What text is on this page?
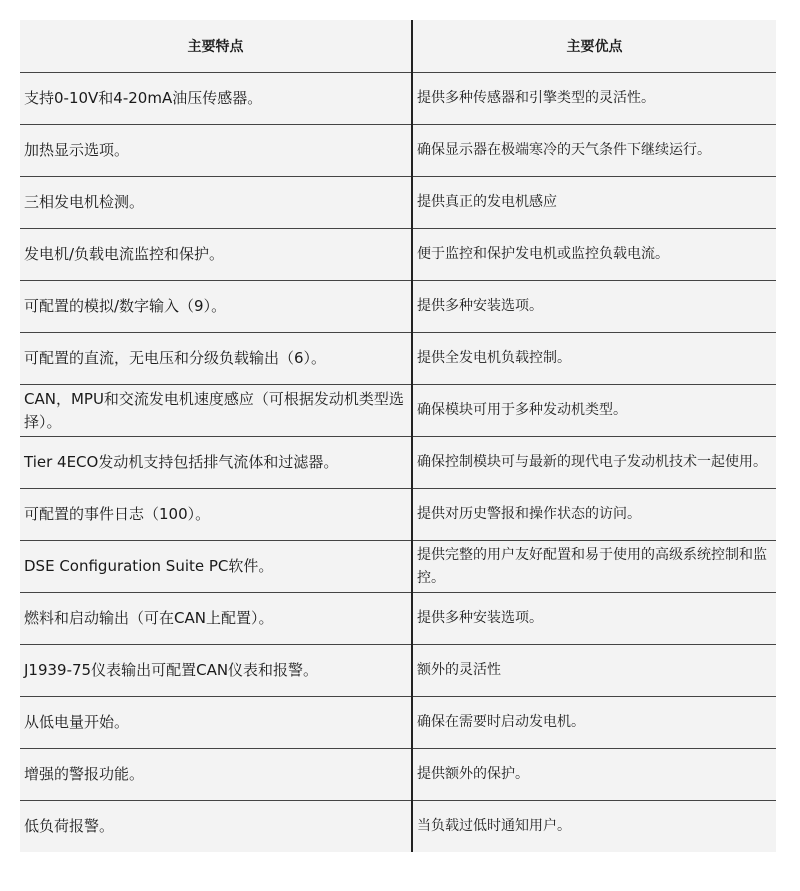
主要特点	主要优点
支持0-10V和4-20mA油压传感器。	提供多种传感器和引擎类型的灵活性。
加热显示选项。	确保显示器在极端寒冷的天气条件下继续运行。
三相发电机检测。	提供真正的发电机感应
发电机/负载电流监控和保护。	便于监控和保护发电机或监控负载电流。
可配置的模拟/数字输入（9）。	提供多种安装选项。
可配置的直流，无电压和分级负载输出（6）。	提供全发电机负载控制。
CAN，MPU和交流发电机速度感应（可根据发动机类型选择）。	确保模块可用于多种发动机类型。
Tier 4ECO发动机支持包括排气流体和过滤器。	确保控制模块可与最新的现代电子发动机技术一起使用。
可配置的事件日志（100）。	提供对历史警报和操作状态的访问。
DSE Configuration Suite PC软件。	提供完整的用户友好配置和易于使用的高级系统控制和监控。
燃料和启动输出（可在CAN上配置）。	提供多种安装选项。
J1939-75仪表输出可配置CAN仪表和报警。	额外的灵活性
从低电量开始。	确保在需要时启动发电机。
增强的警报功能。	提供额外的保护。
低负荷报警。	当负载过低时通知用户。
